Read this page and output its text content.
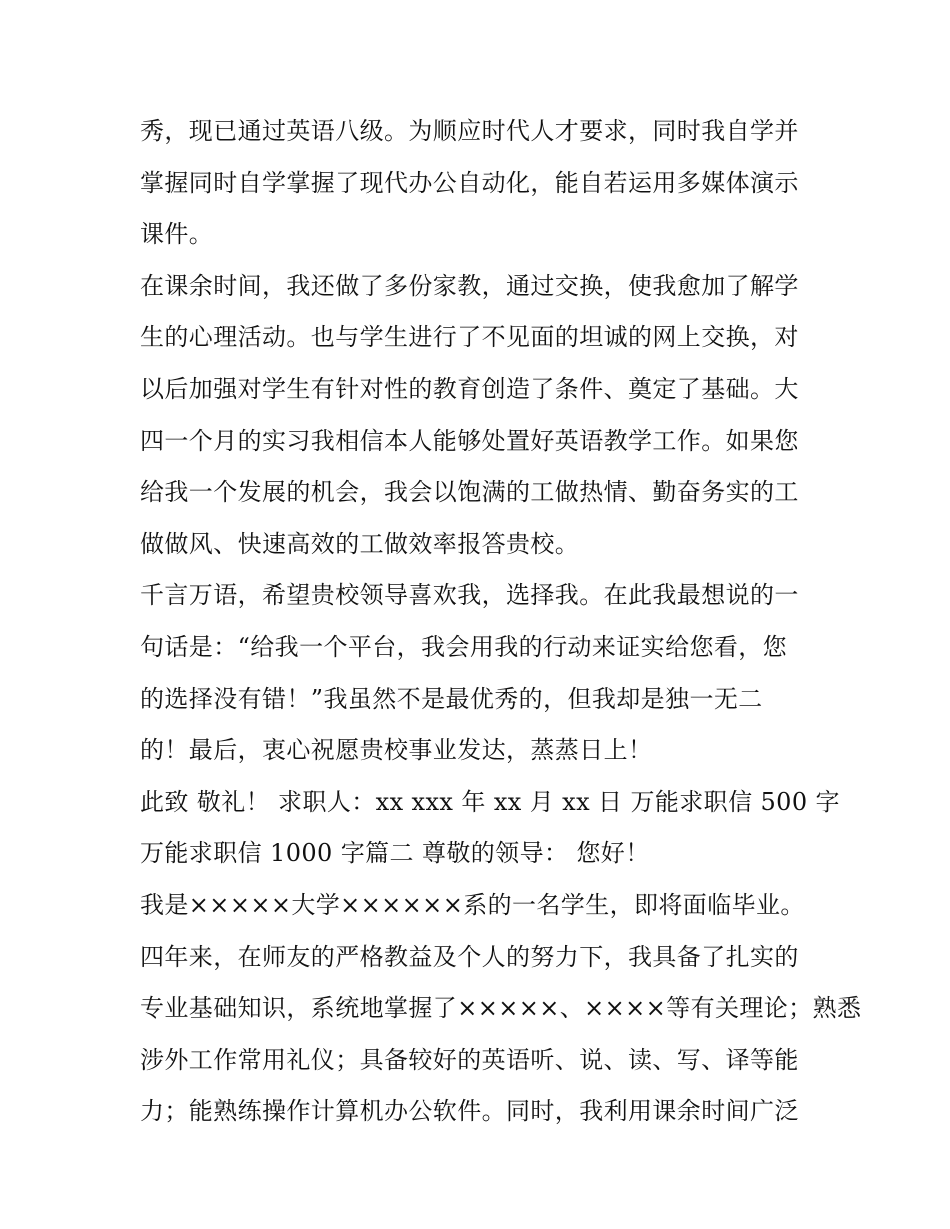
秀，现已通过英语八级。为顺应时代人才要求，同时我自学并
掌握同时自学掌握了现代办公自动化，能自若运用多媒体演示
课件。
在课余时间，我还做了多份家教，通过交换，使我愈加了解学
生的心理活动。也与学生进行了不见面的坦诚的网上交换，对
以后加强对学生有针对性的教育创造了条件、奠定了基础。大
四一个月的实习我相信本人能够处置好英语教学工作。如果您
给我一个发展的机会，我会以饱满的工做热情、勤奋务实的工
做做风、快速高效的工做效率报答贵校。
千言万语，希望贵校领导喜欢我，选择我。在此我最想说的一
句话是：“给我一个平台，我会用我的行动来证实给您看，您
的选择没有错！”我虽然不是最优秀的，但我却是独一无二
的！最后，衷心祝愿贵校事业发达，蒸蒸日上！
此致 敬礼！ 求职人：xx xxx 年 xx 月 xx 日 万能求职信 500 字
万能求职信 1000 字篇二 尊敬的领导： 您好！
我是×××××大学××××××系的一名学生，即将面临毕业。
四年来，在师友的严格教益及个人的努力下，我具备了扎实的
专业基础知识，系统地掌握了×××××、××××等有关理论；熟悉
涉外工作常用礼仪；具备较好的英语听、说、读、写、译等能
力；能熟练操作计算机办公软件。同时，我利用课余时间广泛
